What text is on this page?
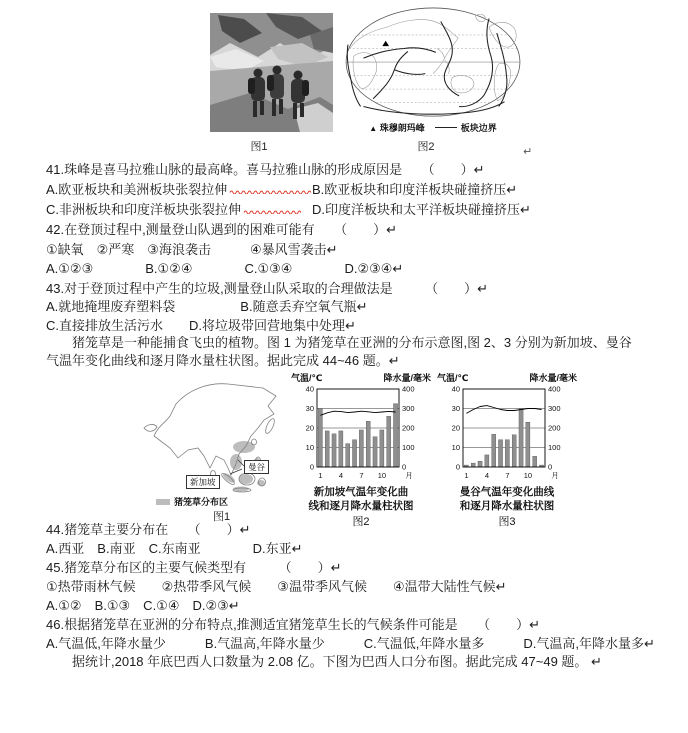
图1
▲ 珠穆朗玛峰	板块边界
图2	↵
41.珠峰是喜马拉雅山脉的最高峰。喜马拉雅山脉的形成原因是　　（　　）↵
A.欧亚板块和美洲板块张裂拉伸	B.欧亚板块和印度洋板块碰撞挤压↵
C.非洲板块和印度洋板块张裂拉伸	D.印度洋板块和太平洋板块碰撞挤压↵
42.在登顶过程中,测量登山队遇到的困难可能有　　（　　）↵
①缺氧　②严寒　③海浪袭击　　　④暴风雪袭击↵
A.①②③　　　　B.①②④　　　　C.①③④　　　　D.②③④↵
43.对于登顶过程中产生的垃圾,测量登山队采取的合理做法是　　　（　　）↵
A.就地掩埋废弃塑料袋　　　　　B.随意丢弃空氧气瓶↵
C.直接排放生活污水　　D.将垃圾带回营地集中处理↵
　　猪笼草是一种能捕食飞虫的植物。图 1 为猪笼草在亚洲的分布示意图,图 2、3 分别为新加坡、曼谷
气温年变化曲线和逐月降水量柱状图。据此完成 44~46 题。↵
曼谷
新加坡
猪笼草分布区
图1
气温/℃	降水量/毫米
0
10
20
30
40
0
100
200
300
400
1 4 7 10	月
新加坡气温年变化曲
线和逐月降水量柱状图
图2
气温/℃	降水量/毫米
0
10
20
30
40
0
100
200
300
400
1 4 7 10	月
曼谷气温年变化曲线
和逐月降水量柱状图
图3
44.猪笼草主要分布在　　（　　）↵
A.西亚　B.南亚　C.东南亚　　　　D.东亚↵
45.猪笼草分布区的主要气候类型有　　　（　　）↵
①热带雨林气候　　②热带季风气候　　③温带季风气候　　④温带大陆性气候↵
A.①②　B.①③　C.①④　D.②③↵
46.根据猪笼草在亚洲的分布特点,推测适宜猪笼草生长的气候条件可能是　　（　　）↵
A.气温低,年降水量少　　　B.气温高,年降水量少　　　C.气温低,年降水量多　　　D.气温高,年降水量多↵
　　据统计,2018 年底巴西人口数量为 2.08 亿。下图为巴西人口分布图。据此完成 47~49 题。 ↵
